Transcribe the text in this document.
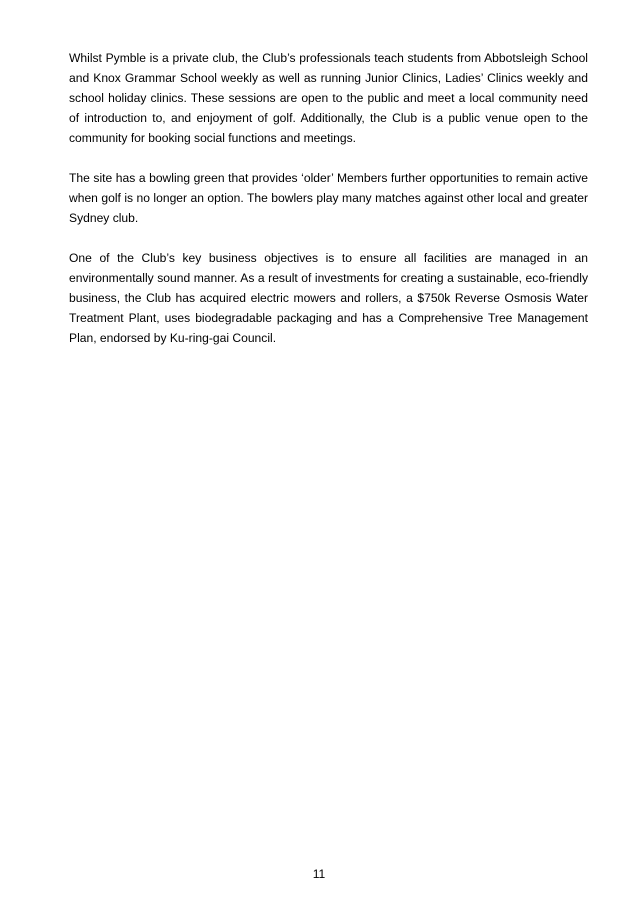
Whilst Pymble is a private club, the Club’s professionals teach students from Abbotsleigh School and Knox Grammar School weekly as well as running Junior Clinics, Ladies’ Clinics weekly and school holiday clinics. These sessions are open to the public and meet a local community need of introduction to, and enjoyment of golf. Additionally, the Club is a public venue open to the community for booking social functions and meetings.

The site has a bowling green that provides ‘older’ Members further opportunities to remain active when golf is no longer an option. The bowlers play many matches against other local and greater Sydney club.

One of the Club’s key business objectives is to ensure all facilities are managed in an environmentally sound manner. As a result of investments for creating a sustainable, eco-friendly business, the Club has acquired electric mowers and rollers, a $750k Reverse Osmosis Water Treatment Plant, uses biodegradable packaging and has a Comprehensive Tree Management Plan, endorsed by Ku-ring-gai Council.

11
